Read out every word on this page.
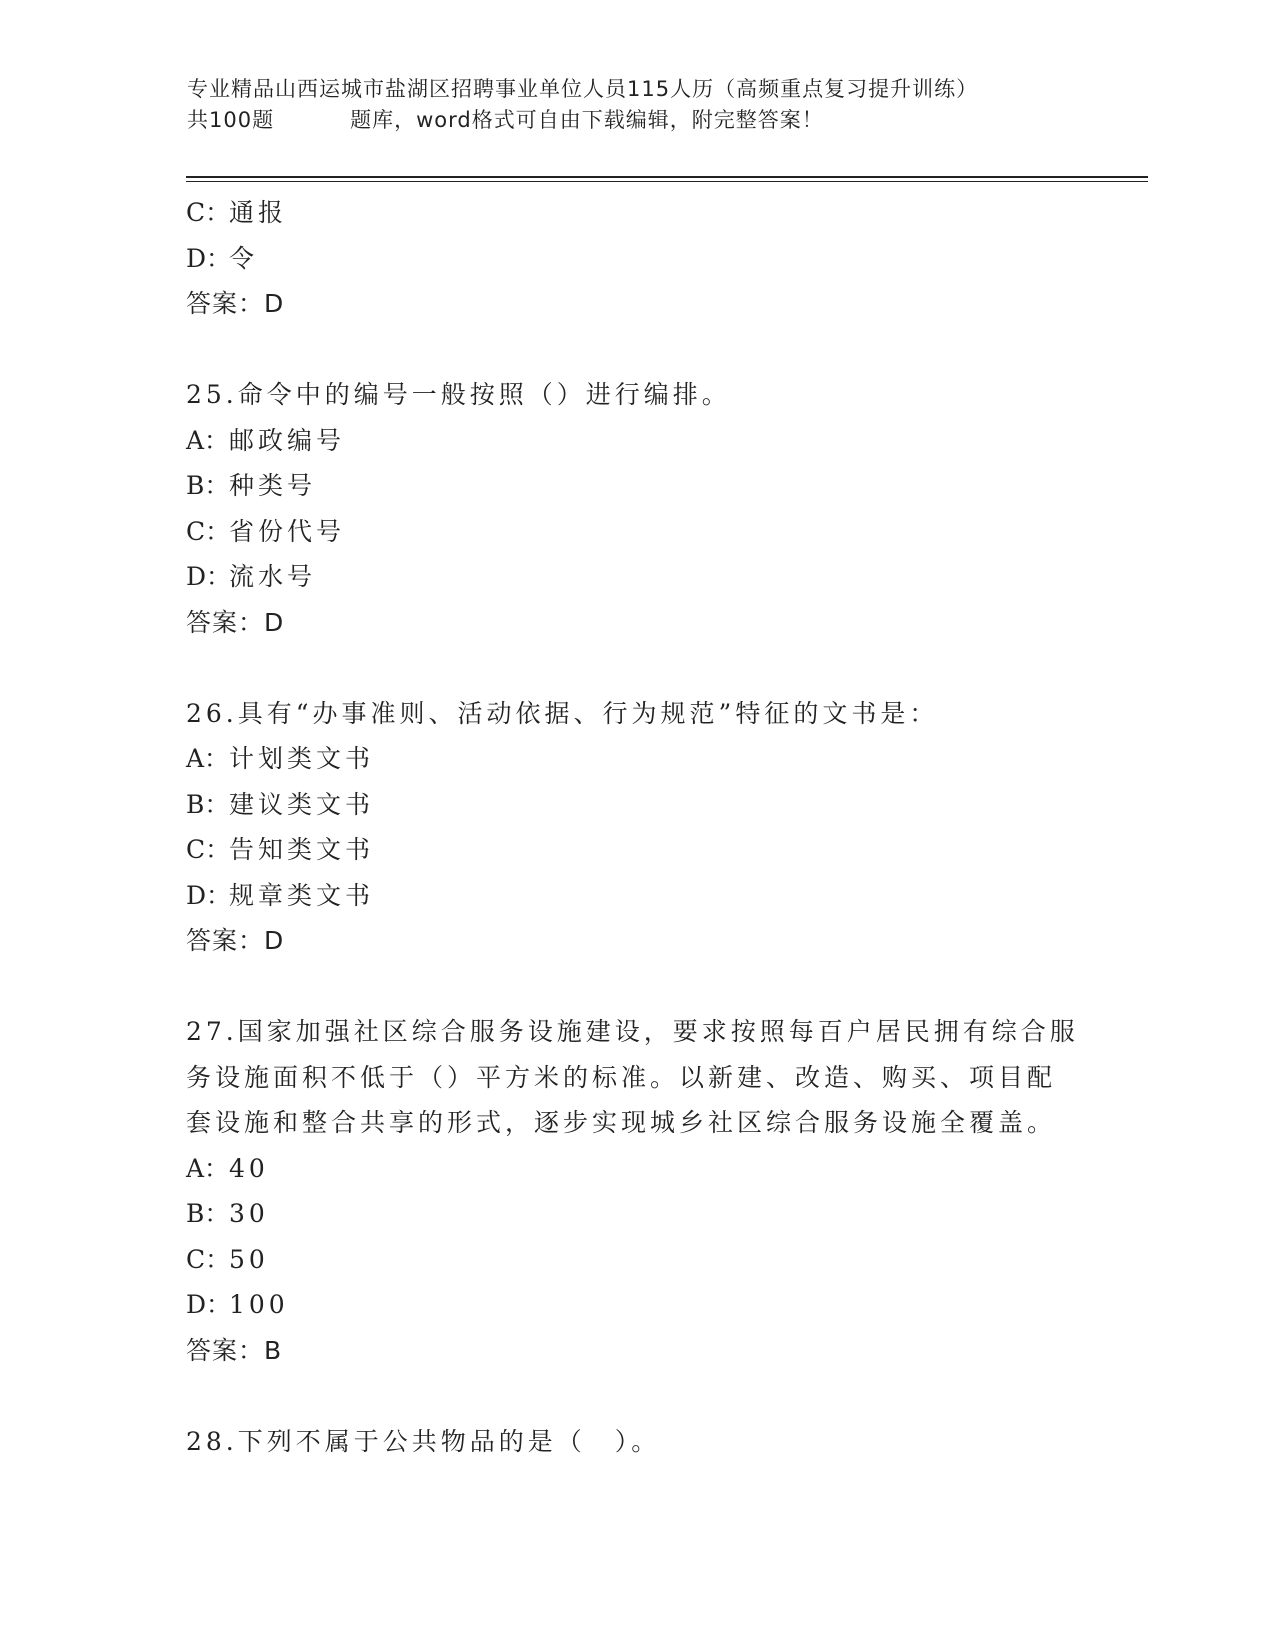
专业精品山西运城市盐湖区招聘事业单位人员115人历（高频重点复习提升训练）
共100题	题库，word格式可自由下载编辑，附完整答案！
C：通报
D：令
答案：D
25.命令中的编号一般按照（）进行编排。
A：邮政编号
B：种类号
C：省份代号
D：流水号
答案：D
26.具有“办事准则、活动依据、行为规范”特征的文书是：
A：计划类文书
B：建议类文书
C：告知类文书
D：规章类文书
答案：D
27.国家加强社区综合服务设施建设，要求按照每百户居民拥有综合服
务设施面积不低于（）平方米的标准。以新建、改造、购买、项目配
套设施和整合共享的形式，逐步实现城乡社区综合服务设施全覆盖。
A：40
B：30
C：50
D：100
答案：B
28.下列不属于公共物品的是（　）。
